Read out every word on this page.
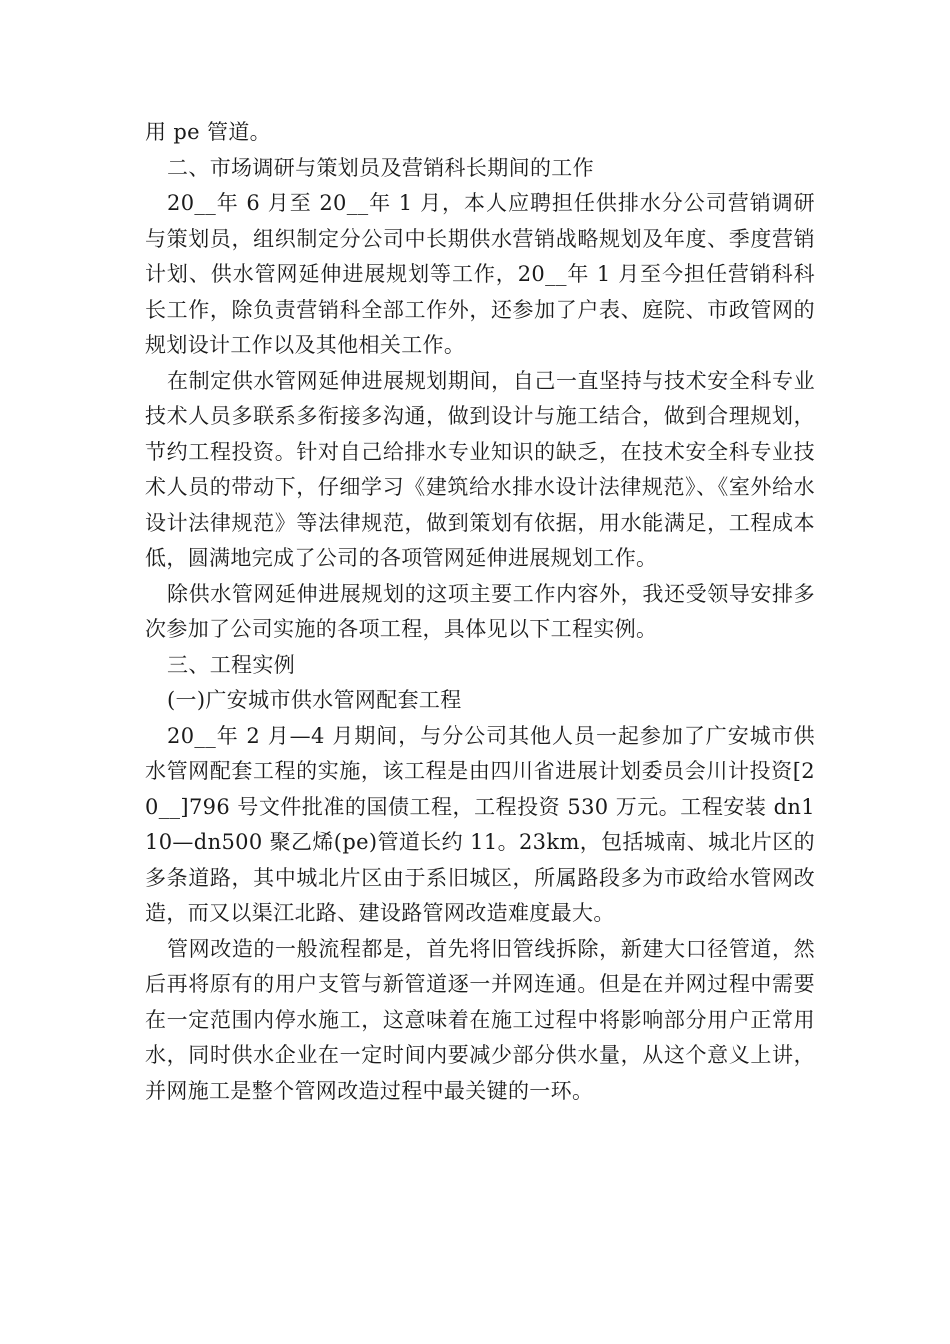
用 pe 管道。

二、市场调研与策划员及营销科长期间的工作

20__年 6 月至 20__年 1 月，本人应聘担任供排水分公司营销调研与策划员，组织制定分公司中长期供水营销战略规划及年度、季度营销计划、供水管网延伸进展规划等工作，20__年 1 月至今担任营销科科长工作，除负责营销科全部工作外，还参加了户表、庭院、市政管网的规划设计工作以及其他相关工作。

在制定供水管网延伸进展规划期间，自己一直坚持与技术安全科专业技术人员多联系多衔接多沟通，做到设计与施工结合，做到合理规划，节约工程投资。针对自己给排水专业知识的缺乏，在技术安全科专业技术人员的带动下，仔细学习《建筑给水排水设计法律规范》、《室外给水设计法律规范》等法律规范，做到策划有依据，用水能满足，工程成本低，圆满地完成了公司的各项管网延伸进展规划工作。

除供水管网延伸进展规划的这项主要工作内容外，我还受领导安排多次参加了公司实施的各项工程，具体见以下工程实例。

三、工程实例

(一)广安城市供水管网配套工程

20__年 2 月—4 月期间，与分公司其他人员一起参加了广安城市供水管网配套工程的实施，该工程是由四川省进展计划委员会川计投资[20__]796 号文件批准的国债工程，工程投资 530 万元。工程安装 dn110—dn500 聚乙烯(pe)管道长约 11。23km，包括城南、城北片区的多条道路，其中城北片区由于系旧城区，所属路段多为市政给水管网改造，而又以渠江北路、建设路管网改造难度最大。

管网改造的一般流程都是，首先将旧管线拆除，新建大口径管道，然后再将原有的用户支管与新管道逐一并网连通。但是在并网过程中需要在一定范围内停水施工，这意味着在施工过程中将影响部分用户正常用水，同时供水企业在一定时间内要减少部分供水量，从这个意义上讲，并网施工是整个管网改造过程中最关键的一环。
